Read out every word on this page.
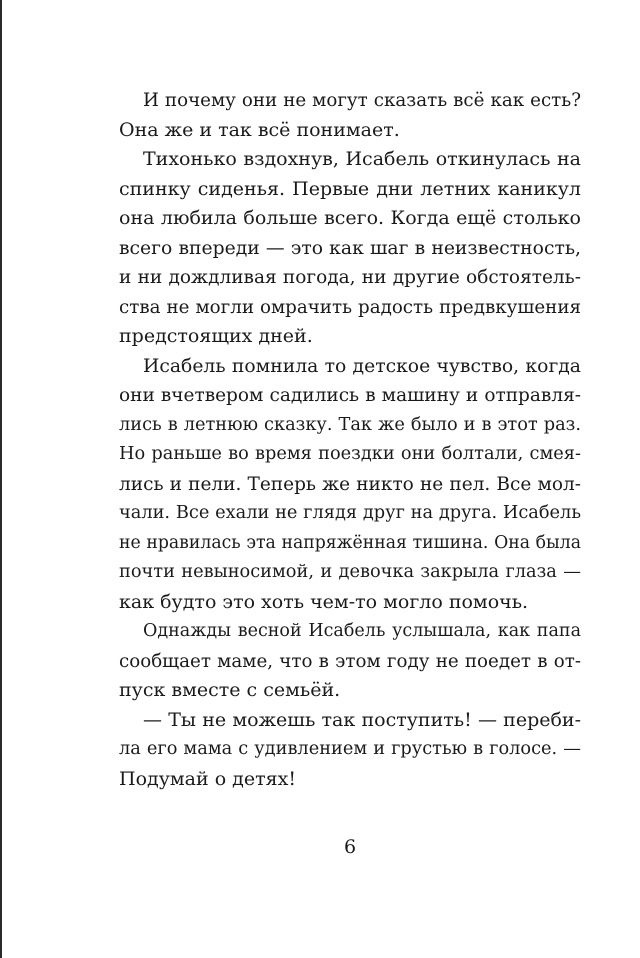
И почему они не могут сказать всё как есть?
Она же и так всё понимает.

Тихонько вздохнув, Исабель откинулась на
спинку сиденья. Первые дни летних каникул
она любила больше всего. Когда ещё столько
всего впереди — это как шаг в неизвестность,
и ни дождливая погода, ни другие обстоятель-
ства не могли омрачить радость предвкушения
предстоящих дней.

Исабель помнила то детское чувство, когда
они вчетвером садились в машину и отправля-
лись в летнюю сказку. Так же было и в этот раз.
Но раньше во время поездки они болтали, смея-
лись и пели. Теперь же никто не пел. Все мол-
чали. Все ехали не глядя друг на друга. Исабель
не нравилась эта напряжённая тишина. Она была
почти невыносимой, и девочка закрыла глаза —
как будто это хоть чем-то могло помочь.

Однажды весной Исабель услышала, как папа
сообщает маме, что в этом году не поедет в от-
пуск вместе с семьёй.

— Ты не можешь так поступить! — переби-
ла его мама с удивлением и грустью в голосе. —
Подумай о детях!

6
